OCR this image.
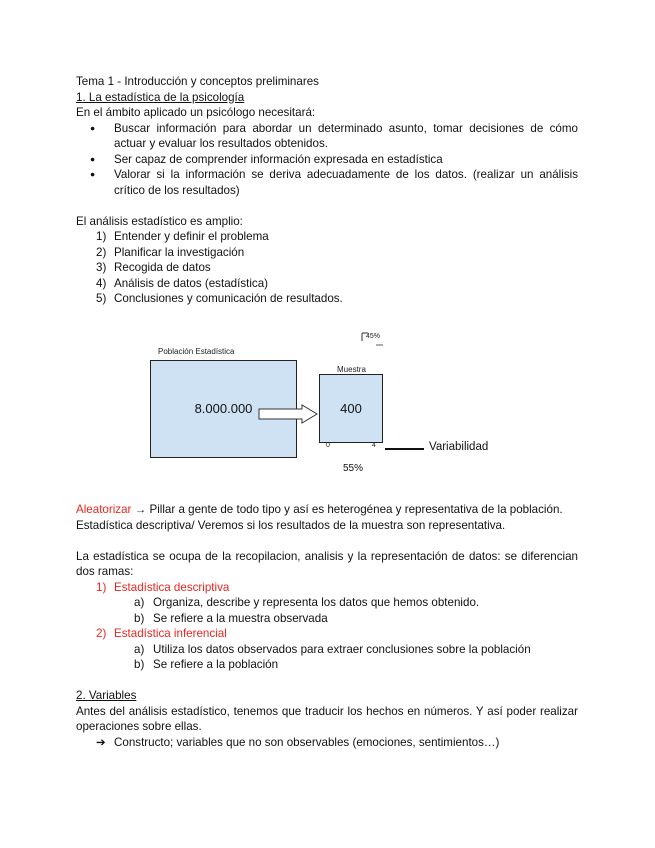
Tema 1 - Introducción y conceptos preliminares

1. La estadística de la psicología

En el ámbito aplicado un psicólogo necesitará:

● Buscar información para abordar un determinado asunto, tomar decisiones de cómo actuar y evaluar los resultados obtenidos.
● Ser capaz de comprender información expresada en estadística
● Valorar si la información se deriva adecuadamente de los datos. (realizar un análisis crítico de los resultados)

El análisis estadístico es amplio:

1) Entender y definir el problema
2) Planificar la investigación
3) Recogida de datos
4) Análisis de datos (estadística)
5) Conclusiones y comunicación de resultados.
45%
Población Estadística
8.000.000
Muestra
400
0	4	Variabilidad
55%

Aleatorizar → Pillar a gente de todo tipo y así es heterogénea y representativa de la población.

Estadística descriptiva/ Veremos si los resultados de la muestra son representativa.

La estadística se ocupa de la recopilacion, analisis y la representación de datos: se diferencian dos ramas:

1) Estadística descriptiva
a) Organiza, describe y representa los datos que hemos obtenido.
b) Se refiere a la muestra observada
2) Estadística inferencial
a) Utiliza los datos observados para extraer conclusiones sobre la población
b) Se refiere a la población

2. Variables

Antes del análisis estadístico, tenemos que traducir los hechos en números. Y así poder realizar operaciones sobre ellas.

➔ Constructo; variables que no son observables (emociones, sentimientos…)
